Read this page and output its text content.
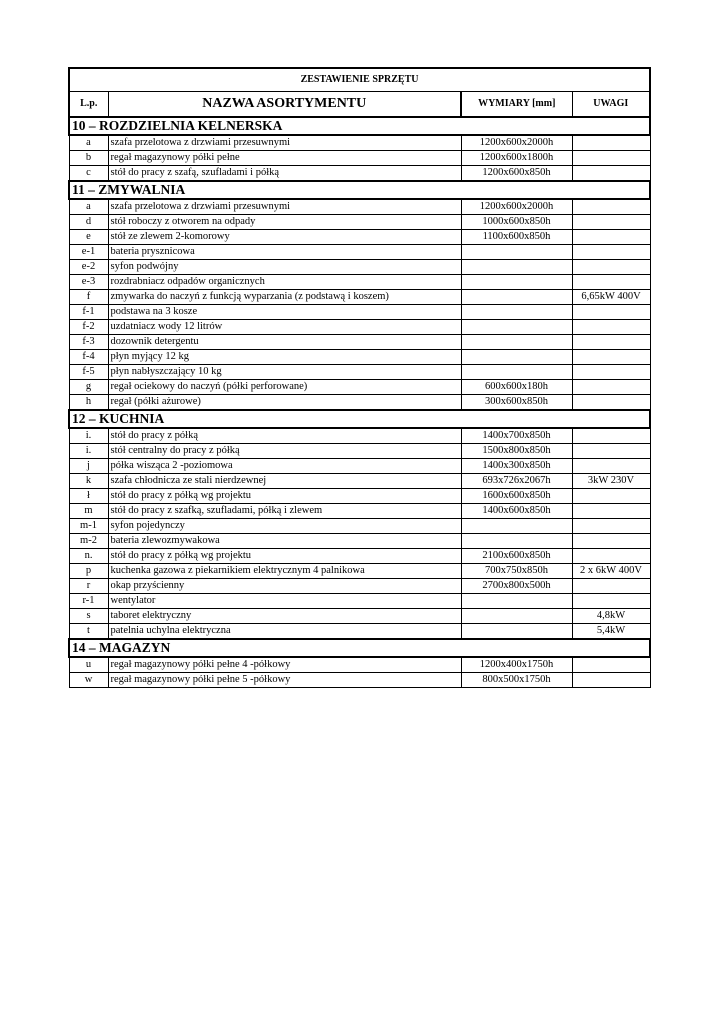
ZESTAWIENIE SPRZĘTU			
L.p.	NAZWA ASORTYMENTU	WYMIARY [mm]	UWAGI
10 – ROZDZIELNIA KELNERSKA			
a	szafa przelotowa z drzwiami przesuwnymi	1200x600x2000h	
b	regał magazynowy półki pełne	1200x600x1800h	
c	stół do pracy z szafą, szufladami i półką	1200x600x850h	
11 – ZMYWALNIA			
a	szafa przelotowa z drzwiami przesuwnymi	1200x600x2000h	
d	stół roboczy z otworem na odpady	1000x600x850h	
e	stół ze zlewem 2-komorowy	1100x600x850h	
e-1	bateria prysznicowa		
e-2	syfon podwójny		
e-3	rozdrabniacz odpadów organicznych		
f	zmywarka do naczyń z funkcją wyparzania (z podstawą i koszem)		6,65kW 400V
f-1	podstawa na 3 kosze		
f-2	uzdatniacz wody 12 litrów		
f-3	dozownik detergentu		
f-4	płyn myjący 12 kg		
f-5	płyn nabłyszczający 10 kg		
g	regał ociekowy do naczyń (półki perforowane)	600x600x180h	
h	regał (półki ażurowe)	300x600x850h	
12 – KUCHNIA			
i.	stół do pracy z półką	1400x700x850h	
i.	stół centralny do pracy z półką	1500x800x850h	
j	półka wisząca 2 -poziomowa	1400x300x850h	
k	szafa chłodnicza ze stali nierdzewnej	693x726x2067h	3kW 230V
ł	stół do pracy z półką wg projektu	1600x600x850h	
m	stół do pracy z szafką, szufladami, półką i zlewem	1400x600x850h	
m-1	syfon pojedynczy		
m-2	bateria zlewozmywakowa		
n.	stół do pracy z półką wg projektu	2100x600x850h	
p	kuchenka gazowa z piekarnikiem elektrycznym 4 palnikowa	700x750x850h	2 x 6kW 400V
r	okap przyścienny	2700x800x500h	
r-1	wentylator		
s	taboret elektryczny		4,8kW
t	patelnia uchylna elektryczna		5,4kW
14 – MAGAZYN			
u	regał magazynowy półki pełne 4 -półkowy	1200x400x1750h	
w	regał magazynowy półki pełne 5 -półkowy	800x500x1750h	
